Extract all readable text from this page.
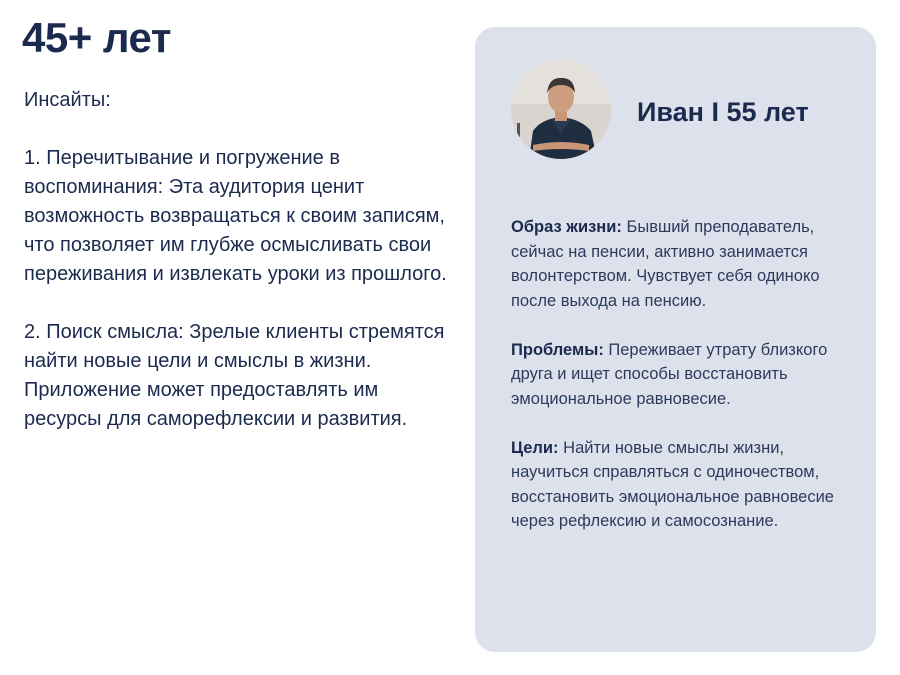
45+ лет

Инсайты:

1. Перечитывание и погружение в воспоминания: Эта аудитория ценит возможность возвращаться к своим записям, что позволяет им глубже осмысливать свои переживания и извлекать уроки из прошлого.

2. Поиск смысла: Зрелые клиенты стремятся найти новые цели и смыслы в жизни. Приложение может предоставлять им ресурсы для саморефлексии и развития.

Иван I 55 лет

Образ жизни: Бывший преподаватель, сейчас на пенсии, активно занимается волонтерством. Чувствует себя одиноко после выхода на пенсию.

Проблемы: Переживает утрату близкого друга и ищет способы восстановить эмоциональное равновесие.

Цели: Найти новые смыслы жизни, научиться справляться с одиночеством, восстановить эмоциональное равновесие через рефлексию и самосознание.
